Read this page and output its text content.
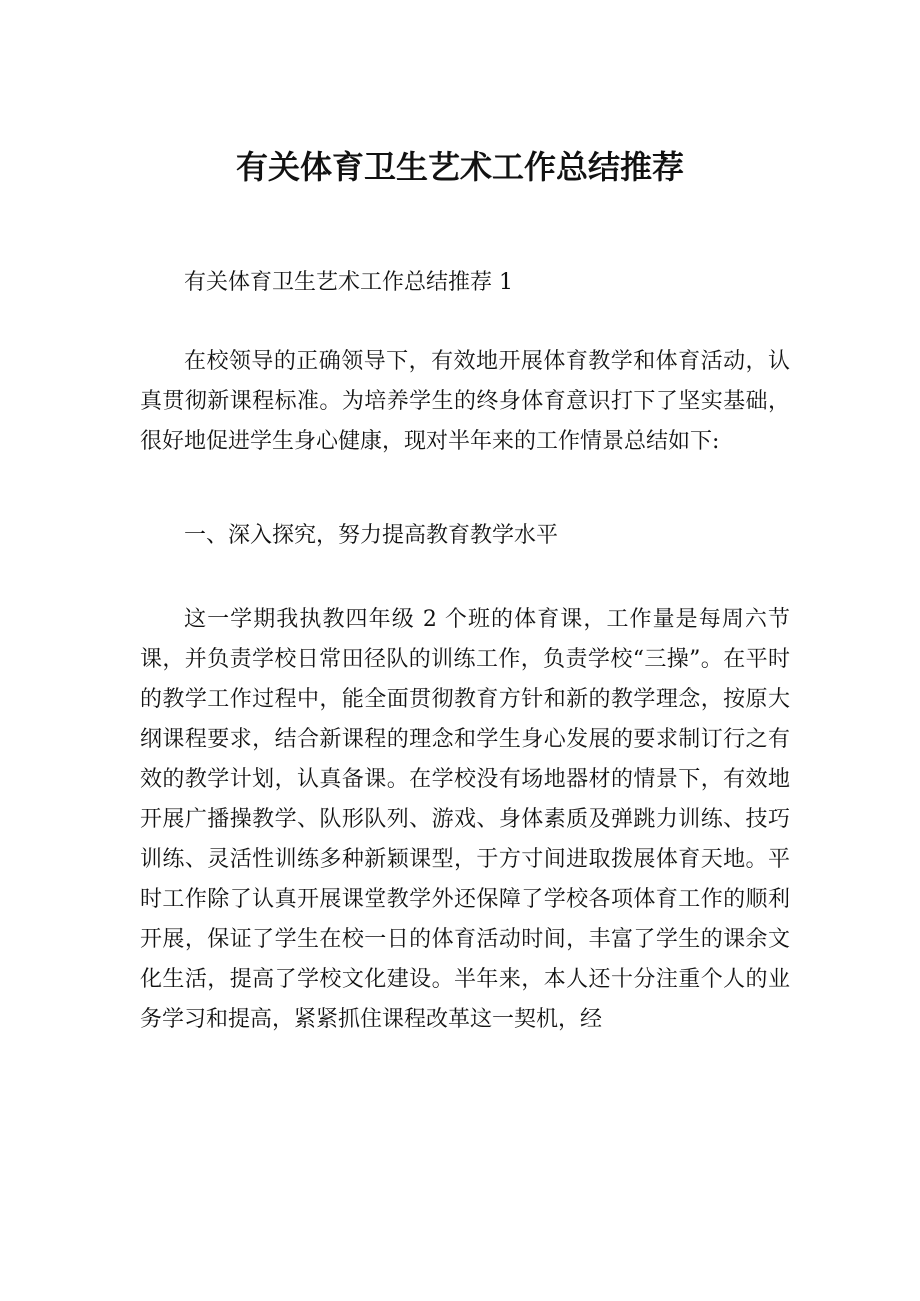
有关体育卫生艺术工作总结推荐

有关体育卫生艺术工作总结推荐 1

在校领导的正确领导下，有效地开展体育教学和体育活动，认真贯彻新课程标准。为培养学生的终身体育意识打下了坚实基础，很好地促进学生身心健康，现对半年来的工作情景总结如下:

一、深入探究，努力提高教育教学水平

这一学期我执教四年级 2 个班的体育课，工作量是每周六节课，并负责学校日常田径队的训练工作，负责学校“三操”。在平时的教学工作过程中，能全面贯彻教育方针和新的教学理念，按原大纲课程要求，结合新课程的理念和学生身心发展的要求制订行之有效的教学计划，认真备课。在学校没有场地器材的情景下，有效地开展广播操教学、队形队列、游戏、身体素质及弹跳力训练、技巧训练、灵活性训练多种新颖课型，于方寸间进取拨展体育天地。平时工作除了认真开展课堂教学外还保障了学校各项体育工作的顺利开展，保证了学生在校一日的体育活动时间，丰富了学生的课余文化生活，提高了学校文化建设。半年来，本人还十分注重个人的业务学习和提高，紧紧抓住课程改革这一契机，经
